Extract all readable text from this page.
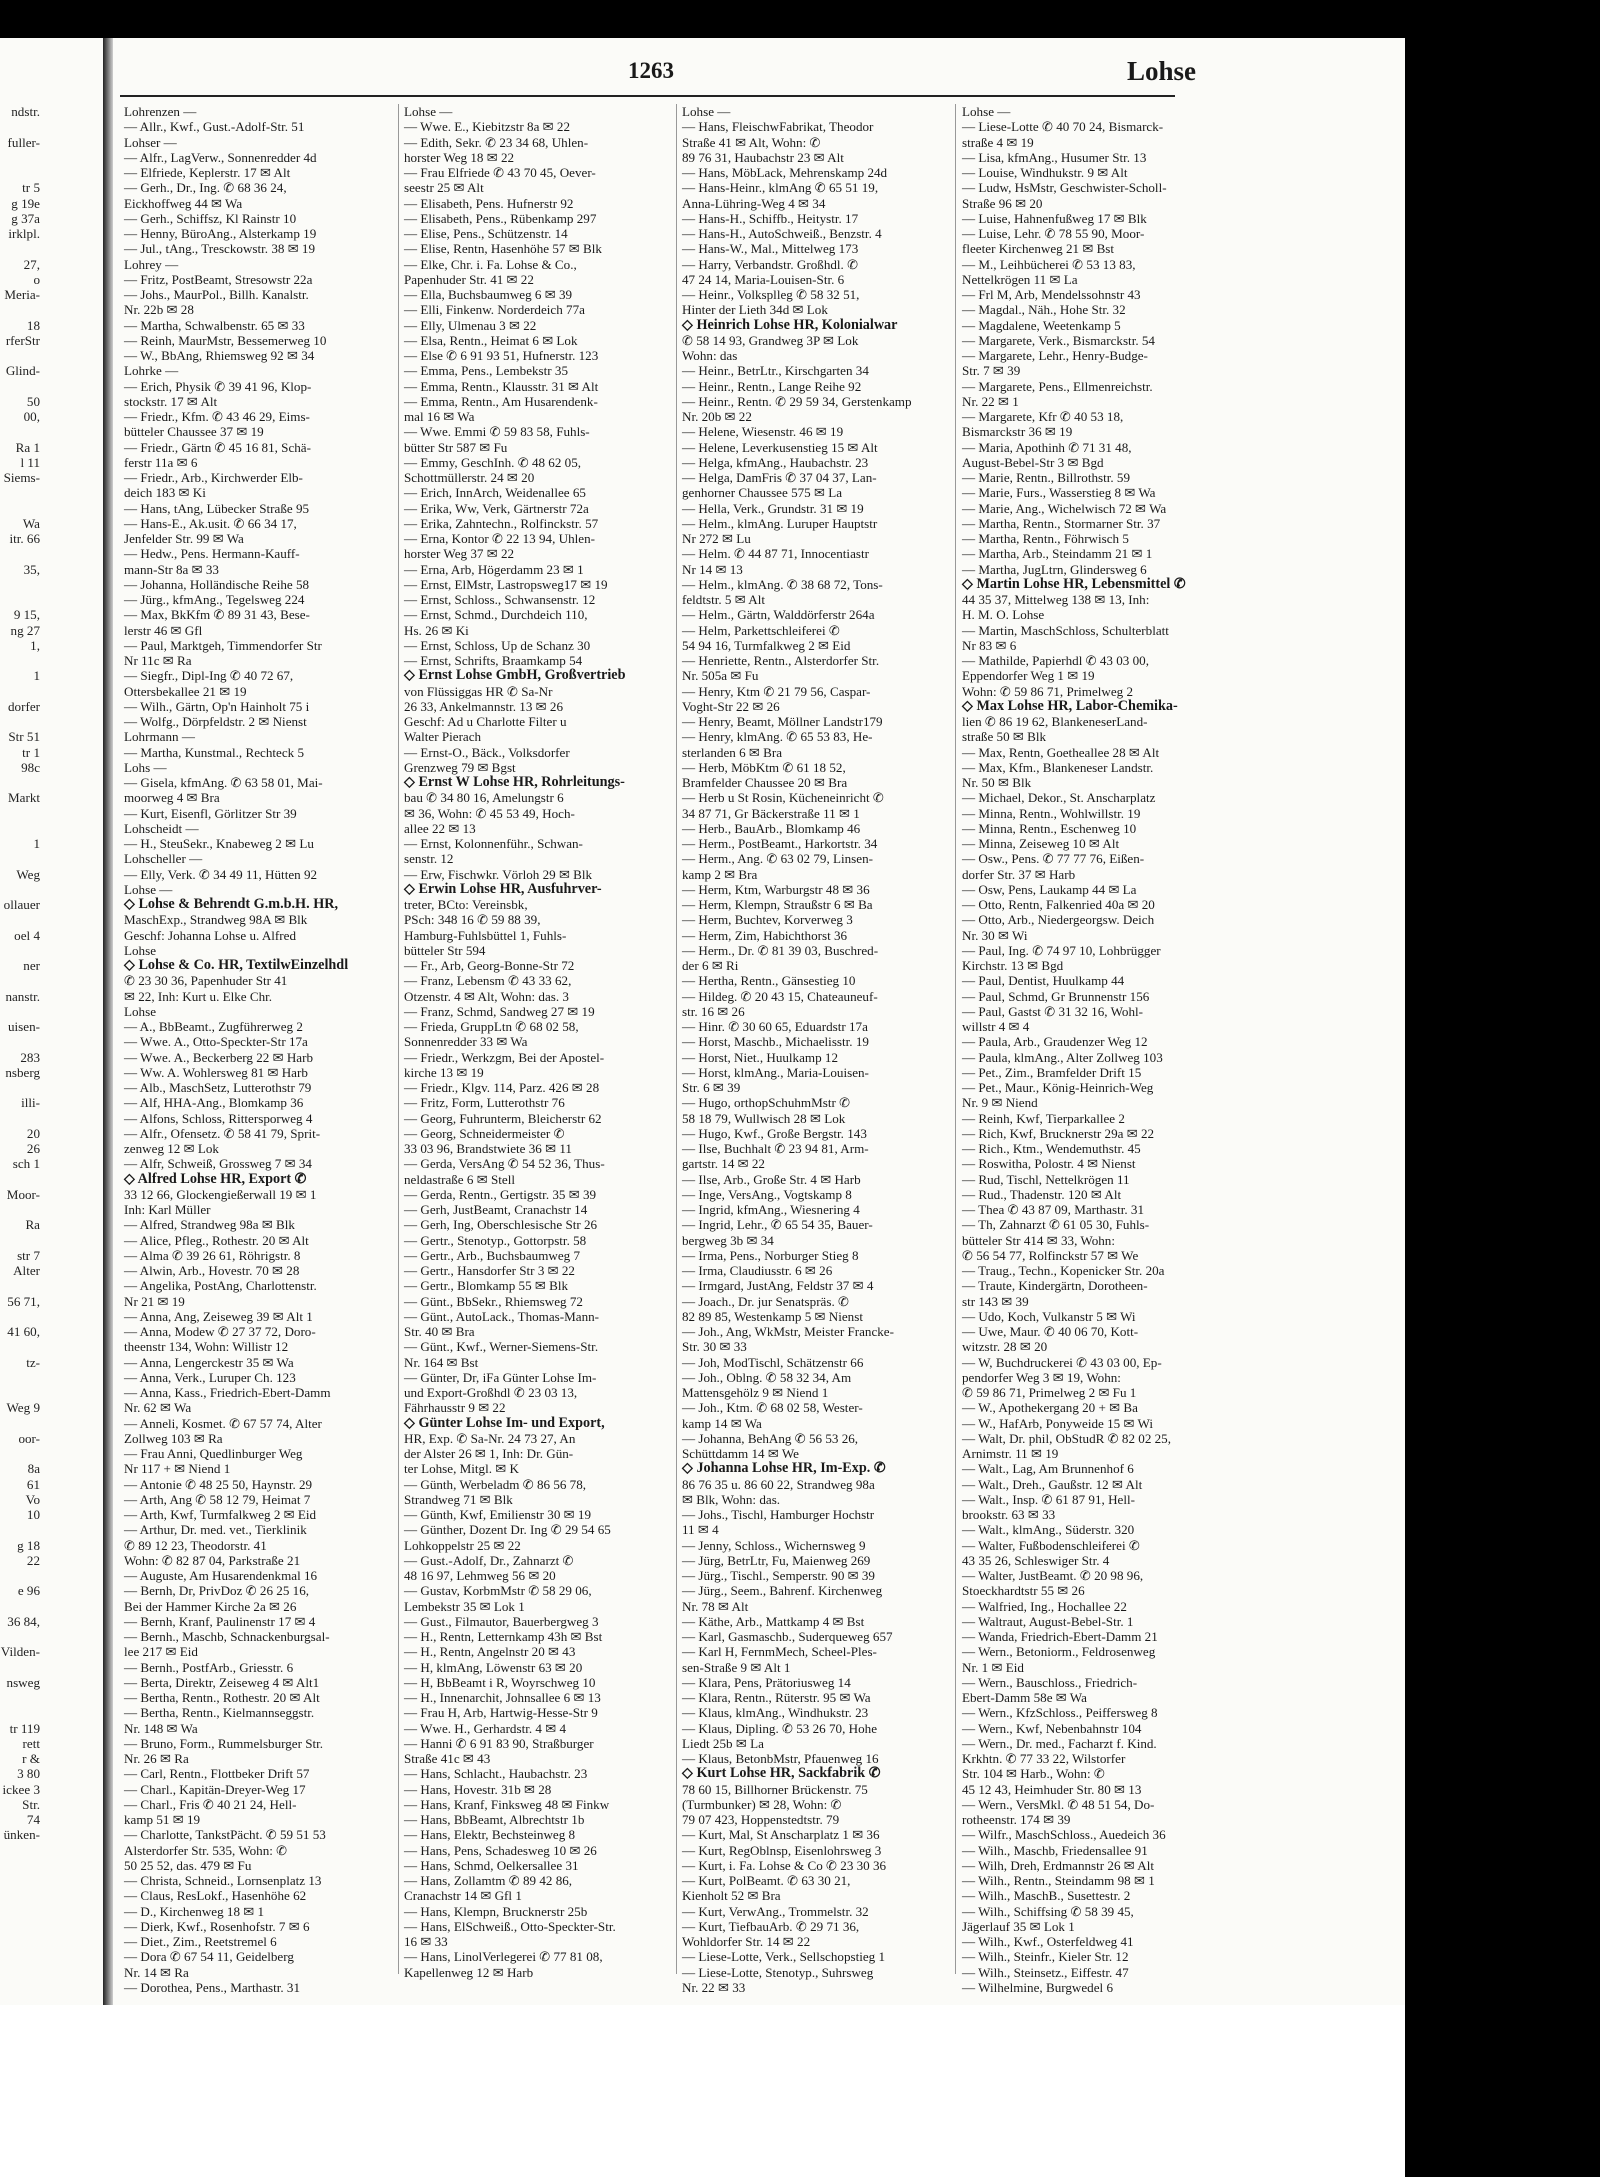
1263	Lohse
ndstr.

fuller-

tr 5
g 19e
g 37a
irklpl.

27,
o
Meria-

18
rferStr

Glind-

50
00,

Ra 1
l 11
Siems-

Wa
itr. 66

35,

9 15,
ng 27
1,

1

dorfer

Str 51
tr 1
98c

Markt

1

Weg

ollauer

oel 4

ner

nanstr.

uisen-

283
nsberg

illi-

20
26
sch 1

Moor-

Ra

str 7
Alter

56 71,

41 60,

tz-

Weg 9

oor-

8a
61
Vo
10

g 18
22

e 96

36 84,

Vilden-

nsweg

tr 119
rett
r &
3 80
ickee 3
Str.
74
ünken-
Lohrenzen —
— Allr., Kwf., Gust.-Adolf-Str. 51
Lohser —
— Alfr., LagVerw., Sonnenredder 4d
— Elfriede, Keplerstr. 17 ✉ Alt
— Gerh., Dr., Ing. ✆ 68 36 24,
Eickhoffweg 44 ✉ Wa
— Gerh., Schiffsz, Kl Rainstr 10
— Henny, BüroAng., Alsterkamp 19
— Jul., tAng., Tresckowstr. 38 ✉ 19
Lohrey —
— Fritz, PostBeamt, Stresowstr 22a
— Johs., MaurPol., Billh. Kanalstr.
Nr. 22b ✉ 28
— Martha, Schwalbenstr. 65 ✉ 33
— Reinh, MaurMstr, Bessemerweg 10
— W., BbAng, Rhiemsweg 92 ✉ 34
Lohrke —
— Erich, Physik ✆ 39 41 96, Klop-
stockstr. 17 ✉ Alt
— Friedr., Kfm. ✆ 43 46 29, Eims-
bütteler Chaussee 37 ✉ 19
— Friedr., Gärtn ✆ 45 16 81, Schä-
ferstr 11a ✉ 6
— Friedr., Arb., Kirchwerder Elb-
deich 183 ✉ Ki
— Hans, tAng, Lübecker Straße 95
— Hans-E., Ak.usit. ✆ 66 34 17,
Jenfelder Str. 99 ✉ Wa
— Hedw., Pens. Hermann-Kauff-
mann-Str 8a ✉ 33
— Johanna, Holländische Reihe 58
— Jürg., kfmAng., Tegelsweg 224
— Max, BkKfm ✆ 89 31 43, Bese-
lerstr 46 ✉ Gfl
— Paul, Marktgeh, Timmendorfer Str
Nr 11c ✉ Ra
— Siegfr., Dipl-Ing ✆ 40 72 67,
Ottersbekallee 21 ✉ 19
— Wilh., Gärtn, Op'n Hainholt 75 i
— Wolfg., Dörpfeldstr. 2 ✉ Nienst
Lohrmann —
— Martha, Kunstmal., Rechteck 5
Lohs —
— Gisela, kfmAng. ✆ 63 58 01, Mai-
moorweg 4 ✉ Bra
— Kurt, Eisenfl, Görlitzer Str 39
Lohscheidt —
— H., SteuSekr., Knabeweg 2 ✉ Lu
Lohscheller —
— Elly, Verk. ✆ 34 49 11, Hütten 92
Lohse —
◇ Lohse & Behrendt G.m.b.H. HR,
MaschExp., Strandweg 98A ✉ Blk
Geschf: Johanna Lohse u. Alfred
Lohse
◇ Lohse & Co. HR, TextilwEinzelhdl
✆ 23 30 36, Papenhuder Str 41
✉ 22, Inh: Kurt u. Elke Chr.
Lohse
— A., BbBeamt., Zugführerweg 2
— Wwe. A., Otto-Speckter-Str 17a
— Wwe. A., Beckerberg 22 ✉ Harb
— Ww. A. Wohlersweg 81 ✉ Harb
— Alb., MaschSetz, Lutterothstr 79
— Alf, HHA-Ang., Blomkamp 36
— Alfons, Schloss, Rittersporweg 4
— Alfr., Ofensetz. ✆ 58 41 79, Sprit-
zenweg 12 ✉ Lok
— Alfr, Schweiß, Grossweg 7 ✉ 34
◇ Alfred Lohse HR, Export ✆
33 12 66, Glockengießerwall 19 ✉ 1
Inh: Karl Müller
— Alfred, Strandweg 98a ✉ Blk
— Alice, Pfleg., Rothestr. 20 ✉ Alt
— Alma ✆ 39 26 61, Röhrigstr. 8
— Alwin, Arb., Hovestr. 70 ✉ 28
— Angelika, PostAng, Charlottenstr.
Nr 21 ✉ 19
— Anna, Ang, Zeiseweg 39 ✉ Alt 1
— Anna, Modew ✆ 27 37 72, Doro-
theenstr 134, Wohn: Willistr 12
— Anna, Lengerckestr 35 ✉ Wa
— Anna, Verk., Luruper Ch. 123
— Anna, Kass., Friedrich-Ebert-Damm
Nr. 62 ✉ Wa
— Anneli, Kosmet. ✆ 67 57 74, Alter
Zollweg 103 ✉ Ra
— Frau Anni, Quedlinburger Weg
Nr 117 + ✉ Niend 1
— Antonie ✆ 48 25 50, Haynstr. 29
— Arth, Ang ✆ 58 12 79, Heimat 7
— Arth, Kwf, Turmfalkweg 2 ✉ Eid
— Arthur, Dr. med. vet., Tierklinik
✆ 89 12 23, Theodorstr. 41
Wohn: ✆ 82 87 04, Parkstraße 21
— Auguste, Am Husarendenkmal 16
— Bernh, Dr, PrivDoz ✆ 26 25 16,
Bei der Hammer Kirche 2a ✉ 26
— Bernh, Kranf, Paulinenstr 17 ✉ 4
— Bernh., Maschb, Schnackenburgsal-
lee 217 ✉ Eid
— Bernh., PostfArb., Griesstr. 6
— Berta, Direktr, Zeiseweg 4 ✉ Alt1
— Bertha, Rentn., Rothestr. 20 ✉ Alt
— Bertha, Rentn., Kielmannseggstr.
Nr. 148 ✉ Wa
— Bruno, Form., Rummelsburger Str.
Nr. 26 ✉ Ra
— Carl, Rentn., Flottbeker Drift 57
— Charl., Kapitän-Dreyer-Weg 17
— Charl., Fris ✆ 40 21 24, Hell-
kamp 51 ✉ 19
— Charlotte, TankstPächt. ✆ 59 51 53
Alsterdorfer Str. 535, Wohn: ✆
50 25 52, das. 479 ✉ Fu
— Christa, Schneid., Lornsenplatz 13
— Claus, ResLokf., Hasenhöhe 62
— D., Kirchenweg 18 ✉ 1
— Dierk, Kwf., Rosenhofstr. 7 ✉ 6
— Diet., Zim., Reetstremel 6
— Dora ✆ 67 54 11, Geidelberg
Nr. 14 ✉ Ra
— Dorothea, Pens., Marthastr. 31
Lohse —
— Wwe. E., Kiebitzstr 8a ✉ 22
— Edith, Sekr. ✆ 23 34 68, Uhlen-
horster Weg 18 ✉ 22
— Frau Elfriede ✆ 43 70 45, Oever-
seestr 25 ✉ Alt
— Elisabeth, Pens. Hufnerstr 92
— Elisabeth, Pens., Rübenkamp 297
— Elise, Pens., Schützenstr. 14
— Elise, Rentn, Hasenhöhe 57 ✉ Blk
— Elke, Chr. i. Fa. Lohse & Co.,
Papenhuder Str. 41 ✉ 22
— Ella, Buchsbaumweg 6 ✉ 39
— Elli, Finkenw. Norderdeich 77a
— Elly, Ulmenau 3 ✉ 22
— Elsa, Rentn., Heimat 6 ✉ Lok
— Else ✆ 6 91 93 51, Hufnerstr. 123
— Emma, Pens., Lembekstr 35
— Emma, Rentn., Klausstr. 31 ✉ Alt
— Emma, Rentn., Am Husarendenk-
mal 16 ✉ Wa
— Wwe. Emmi ✆ 59 83 58, Fuhls-
bütter Str 587 ✉ Fu
— Emmy, GeschInh. ✆ 48 62 05,
Schottmüllerstr. 24 ✉ 20
— Erich, InnArch, Weidenallee 65
— Erika, Ww, Verk, Gärtnerstr 72a
— Erika, Zahntechn., Rolfinckstr. 57
— Erna, Kontor ✆ 22 13 94, Uhlen-
horster Weg 37 ✉ 22
— Erna, Arb, Högerdamm 23 ✉ 1
— Ernst, ElMstr, Lastropsweg17 ✉ 19
— Ernst, Schloss., Schwansenstr. 12
— Ernst, Schmd., Durchdeich 110,
Hs. 26 ✉ Ki
— Ernst, Schloss, Up de Schanz 30
— Ernst, Schrifts, Braamkamp 54
◇ Ernst Lohse GmbH, Großvertrieb
von Flüssiggas HR ✆ Sa-Nr
26 33, Ankelmannstr. 13 ✉ 26
Geschf: Ad u Charlotte Filter u
Walter Pierach
— Ernst-O., Bäck., Volksdorfer
Grenzweg 79 ✉ Bgst
◇ Ernst W Lohse HR, Rohrleitungs-
bau ✆ 34 80 16, Amelungstr 6
✉ 36, Wohn: ✆ 45 53 49, Hoch-
allee 22 ✉ 13
— Ernst, Kolonnenführ., Schwan-
senstr. 12
— Erw, Fischwkr. Vörloh 29 ✉ Blk
◇ Erwin Lohse HR, Ausfuhrver-
treter, BCto: Vereinsbk,
PSch: 348 16 ✆ 59 88 39,
Hamburg-Fuhlsbüttel 1, Fuhls-
bütteler Str 594
— Fr., Arb, Georg-Bonne-Str 72
— Franz, Lebensm ✆ 43 33 62,
Otzenstr. 4 ✉ Alt, Wohn: das. 3
— Franz, Schmd, Sandweg 27 ✉ 19
— Frieda, GruppLtn ✆ 68 02 58,
Sonnenredder 33 ✉ Wa
— Friedr., Werkzgm, Bei der Apostel-
kirche 13 ✉ 19
— Friedr., Klgv. 114, Parz. 426 ✉ 28
— Fritz, Form, Lutterothstr 76
— Georg, Fuhrunterm, Bleicherstr 62
— Georg, Schneidermeister ✆
33 03 96, Brandstwiete 36 ✉ 11
— Gerda, VersAng ✆ 54 52 36, Thus-
neldastraße 6 ✉ Stell
— Gerda, Rentn., Gertigstr. 35 ✉ 39
— Gerh, JustBeamt, Cranachstr 14
— Gerh, Ing, Oberschlesische Str 26
— Gertr., Stenotyp., Gottorpstr. 58
— Gertr., Arb., Buchsbaumweg 7
— Gertr., Hansdorfer Str 3 ✉ 22
— Gertr., Blomkamp 55 ✉ Blk
— Günt., BbSekr., Rhiemsweg 72
— Günt., AutoLack., Thomas-Mann-
Str. 40 ✉ Bra
— Günt., Kwf., Werner-Siemens-Str.
Nr. 164 ✉ Bst
— Günter, Dr, iFa Günter Lohse Im-
und Export-Großhdl ✆ 23 03 13,
Fährhausstr 9 ✉ 22
◇ Günter Lohse Im- und Export,
HR, Exp. ✆ Sa-Nr. 24 73 27, An
der Alster 26 ✉ 1, Inh: Dr. Gün-
ter Lohse, Mitgl. ✉ K
— Günth, Werbeladm ✆ 86 56 78,
Strandweg 71 ✉ Blk
— Günth, Kwf, Emilienstr 30 ✉ 19
— Günther, Dozent Dr. Ing ✆ 29 54 65
Lohkoppelstr 25 ✉ 22
— Gust.-Adolf, Dr., Zahnarzt ✆
48 16 97, Lehmweg 56 ✉ 20
— Gustav, KorbmMstr ✆ 58 29 06,
Lembekstr 35 ✉ Lok 1
— Gust., Filmautor, Bauerbergweg 3
— H., Rentn, Letternkamp 43h ✉ Bst
— H., Rentn, Angelnstr 20 ✉ 43
— H, klmAng, Löwenstr 63 ✉ 20
— H, BbBeamt i R, Woyrschweg 10
— H., Innenarchit, Johnsallee 6 ✉ 13
— Frau H, Arb, Hartwig-Hesse-Str 9
— Wwe. H., Gerhardstr. 4 ✉ 4
— Hanni ✆ 6 91 83 90, Straßburger
Straße 41c ✉ 43
— Hans, Schlacht., Haubachstr. 23
— Hans, Hovestr. 31b ✉ 28
— Hans, Kranf, Finksweg 48 ✉ Finkw
— Hans, BbBeamt, Albrechtstr 1b
— Hans, Elektr, Bechsteinweg 8
— Hans, Pens, Schadesweg 10 ✉ 26
— Hans, Schmd, Oelkersallee 31
— Hans, Zollamtm ✆ 89 42 86,
Cranachstr 14 ✉ Gfl 1
— Hans, Klempn, Brucknerstr 25b
— Hans, ElSchweiß., Otto-Speckter-Str.
16 ✉ 33
— Hans, LinolVerlegerei ✆ 77 81 08,
Kapellenweg 12 ✉ Harb
Lohse —
— Hans, FleischwFabrikat, Theodor
Straße 41 ✉ Alt, Wohn: ✆
89 76 31, Haubachstr 23 ✉ Alt
— Hans, MöbLack, Mehrenskamp 24d
— Hans-Heinr., klmAng ✆ 65 51 19,
Anna-Lühring-Weg 4 ✉ 34
— Hans-H., Schiffb., Heitystr. 17
— Hans-H., AutoSchweiß., Benzstr. 4
— Hans-W., Mal., Mittelweg 173
— Harry, Verbandstr. Großhdl. ✆
47 24 14, Maria-Louisen-Str. 6
— Heinr., Volksplleg ✆ 58 32 51,
Hinter der Lieth 34d ✉ Lok
◇ Heinrich Lohse HR, Kolonialwar
✆ 58 14 93, Grandweg 3P ✉ Lok
Wohn: das
— Heinr., BetrLtr., Kirschgarten 34
— Heinr., Rentn., Lange Reihe 92
— Heinr., Rentn. ✆ 29 59 34, Gerstenkamp
Nr. 20b ✉ 22
— Helene, Wiesenstr. 46 ✉ 19
— Helene, Leverkusenstieg 15 ✉ Alt
— Helga, kfmAng., Haubachstr. 23
— Helga, DamFris ✆ 37 04 37, Lan-
genhorner Chaussee 575 ✉ La
— Hella, Verk., Grundstr. 31 ✉ 19
— Helm., klmAng. Luruper Hauptstr
Nr 272 ✉ Lu
— Helm. ✆ 44 87 71, Innocentiastr
Nr 14 ✉ 13
— Helm., klmAng. ✆ 38 68 72, Tons-
feldtstr. 5 ✉ Alt
— Helm., Gärtn, Walddörferstr 264a
— Helm, Parkettschleiferei ✆
54 94 16, Turmfalkweg 2 ✉ Eid
— Henriette, Rentn., Alsterdorfer Str.
Nr. 505a ✉ Fu
— Henry, Ktm ✆ 21 79 56, Caspar-
Voght-Str 22 ✉ 26
— Henry, Beamt, Möllner Landstr179
— Henry, klmAng. ✆ 65 53 83, He-
sterlanden 6 ✉ Bra
— Herb, MöbKtm ✆ 61 18 52,
Bramfelder Chaussee 20 ✉ Bra
— Herb u St Rosin, Kücheneinricht ✆
34 87 71, Gr Bäckerstraße 11 ✉ 1
— Herb., BauArb., Blomkamp 46
— Herm., PostBeamt., Harkortstr. 34
— Herm., Ang. ✆ 63 02 79, Linsen-
kamp 2 ✉ Bra
— Herm, Ktm, Warburgstr 48 ✉ 36
— Herm, Klempn, Straußstr 6 ✉ Ba
— Herm, Buchtev, Korverweg 3
— Herm, Zim, Habichthorst 36
— Herm., Dr. ✆ 81 39 03, Buschred-
der 6 ✉ Ri
— Hertha, Rentn., Gänsestieg 10
— Hildeg. ✆ 20 43 15, Chateauneuf-
str. 16 ✉ 26
— Hinr. ✆ 30 60 65, Eduardstr 17a
— Horst, Maschb., Michaelisstr. 19
— Horst, Niet., Huulkamp 12
— Horst, klmAng., Maria-Louisen-
Str. 6 ✉ 39
— Hugo, orthopSchuhmMstr ✆
58 18 79, Wullwisch 28 ✉ Lok
— Hugo, Kwf., Große Bergstr. 143
— Ilse, Buchhalt ✆ 23 94 81, Arm-
gartstr. 14 ✉ 22
— Ilse, Arb., Große Str. 4 ✉ Harb
— Inge, VersAng., Vogtskamp 8
— Ingrid, kfmAng., Wiesnering 4
— Ingrid, Lehr., ✆ 65 54 35, Bauer-
bergweg 3b ✉ 34
— Irma, Pens., Norburger Stieg 8
— Irma, Claudiusstr. 6 ✉ 26
— Irmgard, JustAng, Feldstr 37 ✉ 4
— Joach., Dr. jur Senatspräs. ✆
82 89 85, Westenkamp 5 ✉ Nienst
— Joh., Ang, WkMstr, Meister Francke-
Str. 30 ✉ 33
— Joh, ModTischl, Schätzenstr 66
— Joh., Oblng. ✆ 58 32 34, Am
Mattensgehölz 9 ✉ Niend 1
— Joh., Ktm. ✆ 68 02 58, Wester-
kamp 14 ✉ Wa
— Johanna, BehAng ✆ 56 53 26,
Schüttdamm 14 ✉ We
◇ Johanna Lohse HR, Im-Exp. ✆
86 76 35 u. 86 60 22, Strandweg 98a
✉ Blk, Wohn: das.
— Johs., Tischl, Hamburger Hochstr
11 ✉ 4
— Jenny, Schloss., Wichernsweg 9
— Jürg, BetrLtr, Fu, Maienweg 269
— Jürg., Tischl., Semperstr. 90 ✉ 39
— Jürg., Seem., Bahrenf. Kirchenweg
Nr. 78 ✉ Alt
— Käthe, Arb., Mattkamp 4 ✉ Bst
— Karl, Gasmaschb., Suderqueweg 657
— Karl H, FernmMech, Scheel-Ples-
sen-Straße 9 ✉ Alt 1
— Klara, Pens, Prätoriusweg 14
— Klara, Rentn., Rüterstr. 95 ✉ Wa
— Klaus, klmAng., Windhukstr. 23
— Klaus, Dipling. ✆ 53 26 70, Hohe
Liedt 25b ✉ La
— Klaus, BetonbMstr, Pfauenweg 16
◇ Kurt Lohse HR, Sackfabrik ✆
78 60 15, Billhorner Brückenstr. 75
(Turmbunker) ✉ 28, Wohn: ✆
79 07 423, Hoppenstedtstr. 79
— Kurt, Mal, St Anscharplatz 1 ✉ 36
— Kurt, RegOblnsp, Eisenlohrsweg 3
— Kurt, i. Fa. Lohse & Co ✆ 23 30 36
— Kurt, PolBeamt. ✆ 63 30 21,
Kienholt 52 ✉ Bra
— Kurt, VerwAng., Trommelstr. 32
— Kurt, TiefbauArb. ✆ 29 71 36,
Wohldorfer Str. 14 ✉ 22
— Liese-Lotte, Verk., Sellschopstieg 1
— Liese-Lotte, Stenotyp., Suhrsweg
Nr. 22 ✉ 33
Lohse —
— Liese-Lotte ✆ 40 70 24, Bismarck-
straße 4 ✉ 19
— Lisa, kfmAng., Husumer Str. 13
— Louise, Windhukstr. 9 ✉ Alt
— Ludw, HsMstr, Geschwister-Scholl-
Straße 96 ✉ 20
— Luise, Hahnenfußweg 17 ✉ Blk
— Luise, Lehr. ✆ 78 55 90, Moor-
fleeter Kirchenweg 21 ✉ Bst
— M., Leihbücherei ✆ 53 13 83,
Nettelkrögen 11 ✉ La
— Frl M, Arb, Mendelssohnstr 43
— Magdal., Näh., Hohe Str. 32
— Magdalene, Weetenkamp 5
— Margarete, Verk., Bismarckstr. 54
— Margarete, Lehr., Henry-Budge-
Str. 7 ✉ 39
— Margarete, Pens., Ellmenreichstr.
Nr. 22 ✉ 1
— Margarete, Kfr ✆ 40 53 18,
Bismarckstr 36 ✉ 19
— Maria, Apothinh ✆ 71 31 48,
August-Bebel-Str 3 ✉ Bgd
— Marie, Rentn., Billrothstr. 59
— Marie, Furs., Wasserstieg 8 ✉ Wa
— Marie, Ang., Wichelwisch 72 ✉ Wa
— Martha, Rentn., Stormarner Str. 37
— Martha, Rentn., Föhrwisch 5
— Martha, Arb., Steindamm 21 ✉ 1
— Martha, JugLtrn, Glindersweg 6
◇ Martin Lohse HR, Lebensmittel ✆
44 35 37, Mittelweg 138 ✉ 13, Inh:
H. M. O. Lohse
— Martin, MaschSchloss, Schulterblatt
Nr 83 ✉ 6
— Mathilde, Papierhdl ✆ 43 03 00,
Eppendorfer Weg 1 ✉ 19
Wohn: ✆ 59 86 71, Primelweg 2
◇ Max Lohse HR, Labor-Chemika-
lien ✆ 86 19 62, BlankeneserLand-
straße 50 ✉ Blk
— Max, Rentn, Goetheallee 28 ✉ Alt
— Max, Kfm., Blankeneser Landstr.
Nr. 50 ✉ Blk
— Michael, Dekor., St. Anscharplatz
— Minna, Rentn., Wohlwillstr. 19
— Minna, Rentn., Eschenweg 10
— Minna, Zeiseweg 10 ✉ Alt
— Osw., Pens. ✆ 77 77 76, Eißen-
dorfer Str. 37 ✉ Harb
— Osw, Pens, Laukamp 44 ✉ La
— Otto, Rentn, Falkenried 40a ✉ 20
— Otto, Arb., Niedergeorgsw. Deich
Nr. 30 ✉ Wi
— Paul, Ing. ✆ 74 97 10, Lohbrügger
Kirchstr. 13 ✉ Bgd
— Paul, Dentist, Huulkamp 44
— Paul, Schmd, Gr Brunnenstr 156
— Paul, Gastst ✆ 31 32 16, Wohl-
willstr 4 ✉ 4
— Paula, Arb., Graudenzer Weg 12
— Paula, klmAng., Alter Zollweg 103
— Pet., Zim., Bramfelder Drift 15
— Pet., Maur., König-Heinrich-Weg
Nr. 9 ✉ Niend
— Reinh, Kwf, Tierparkallee 2
— Rich, Kwf, Brucknerstr 29a ✉ 22
— Rich., Ktm., Wendemuthstr. 45
— Roswitha, Polostr. 4 ✉ Nienst
— Rud, Tischl, Nettelkrögen 11
— Rud., Thadenstr. 120 ✉ Alt
— Thea ✆ 43 87 09, Marthastr. 31
— Th, Zahnarzt ✆ 61 05 30, Fuhls-
bütteler Str 414 ✉ 33, Wohn:
✆ 56 54 77, Rolfinckstr 57 ✉ We
— Traug., Techn., Kopenicker Str. 20a
— Traute, Kindergärtn, Dorotheen-
str 143 ✉ 39
— Udo, Koch, Vulkanstr 5 ✉ Wi
— Uwe, Maur. ✆ 40 06 70, Kott-
witzstr. 28 ✉ 20
— W, Buchdruckerei ✆ 43 03 00, Ep-
pendorfer Weg 3 ✉ 19, Wohn:
✆ 59 86 71, Primelweg 2 ✉ Fu 1
— W., Apothekergang 20 + ✉ Ba
— W., HafArb, Ponyweide 15 ✉ Wi
— Walt, Dr. phil, ObStudR ✆ 82 02 25,
Arnimstr. 11 ✉ 19
— Walt., Lag, Am Brunnenhof 6
— Walt., Dreh., Gaußstr. 12 ✉ Alt
— Walt., Insp. ✆ 61 87 91, Hell-
brookstr. 63 ✉ 33
— Walt., klmAng., Süderstr. 320
— Walter, Fußbodenschleiferei ✆
43 35 26, Schleswiger Str. 4
— Walter, JustBeamt. ✆ 20 98 96,
Stoeckhardtstr 55 ✉ 26
— Walfried, Ing., Hochallee 22
— Waltraut, August-Bebel-Str. 1
— Wanda, Friedrich-Ebert-Damm 21
— Wern., Betoniorm., Feldrosenweg
Nr. 1 ✉ Eid
— Wern., Bauschloss., Friedrich-
Ebert-Damm 58e ✉ Wa
— Wern., KfzSchloss., Peiffersweg 8
— Wern., Kwf, Nebenbahnstr 104
— Wern., Dr. med., Facharzt f. Kind.
Krkhtn. ✆ 77 33 22, Wilstorfer
Str. 104 ✉ Harb., Wohn: ✆
45 12 43, Heimhuder Str. 80 ✉ 13
— Wern., VersMkl. ✆ 48 51 54, Do-
rotheenstr. 174 ✉ 39
— Wilfr., MaschSchloss., Auedeich 36
— Wilh., Maschb, Friedensallee 91
— Wilh, Dreh, Erdmannstr 26 ✉ Alt
— Wilh., Rentn., Steindamm 98 ✉ 1
— Wilh., MaschB., Susettestr. 2
— Wilh., Schiffsing ✆ 58 39 45,
Jägerlauf 35 ✉ Lok 1
— Wilh., Kwf., Osterfeldweg 41
— Wilh., Steinfr., Kieler Str. 12
— Wilh., Steinsetz., Eiffestr. 47
— Wilhelmine, Burgwedel 6
